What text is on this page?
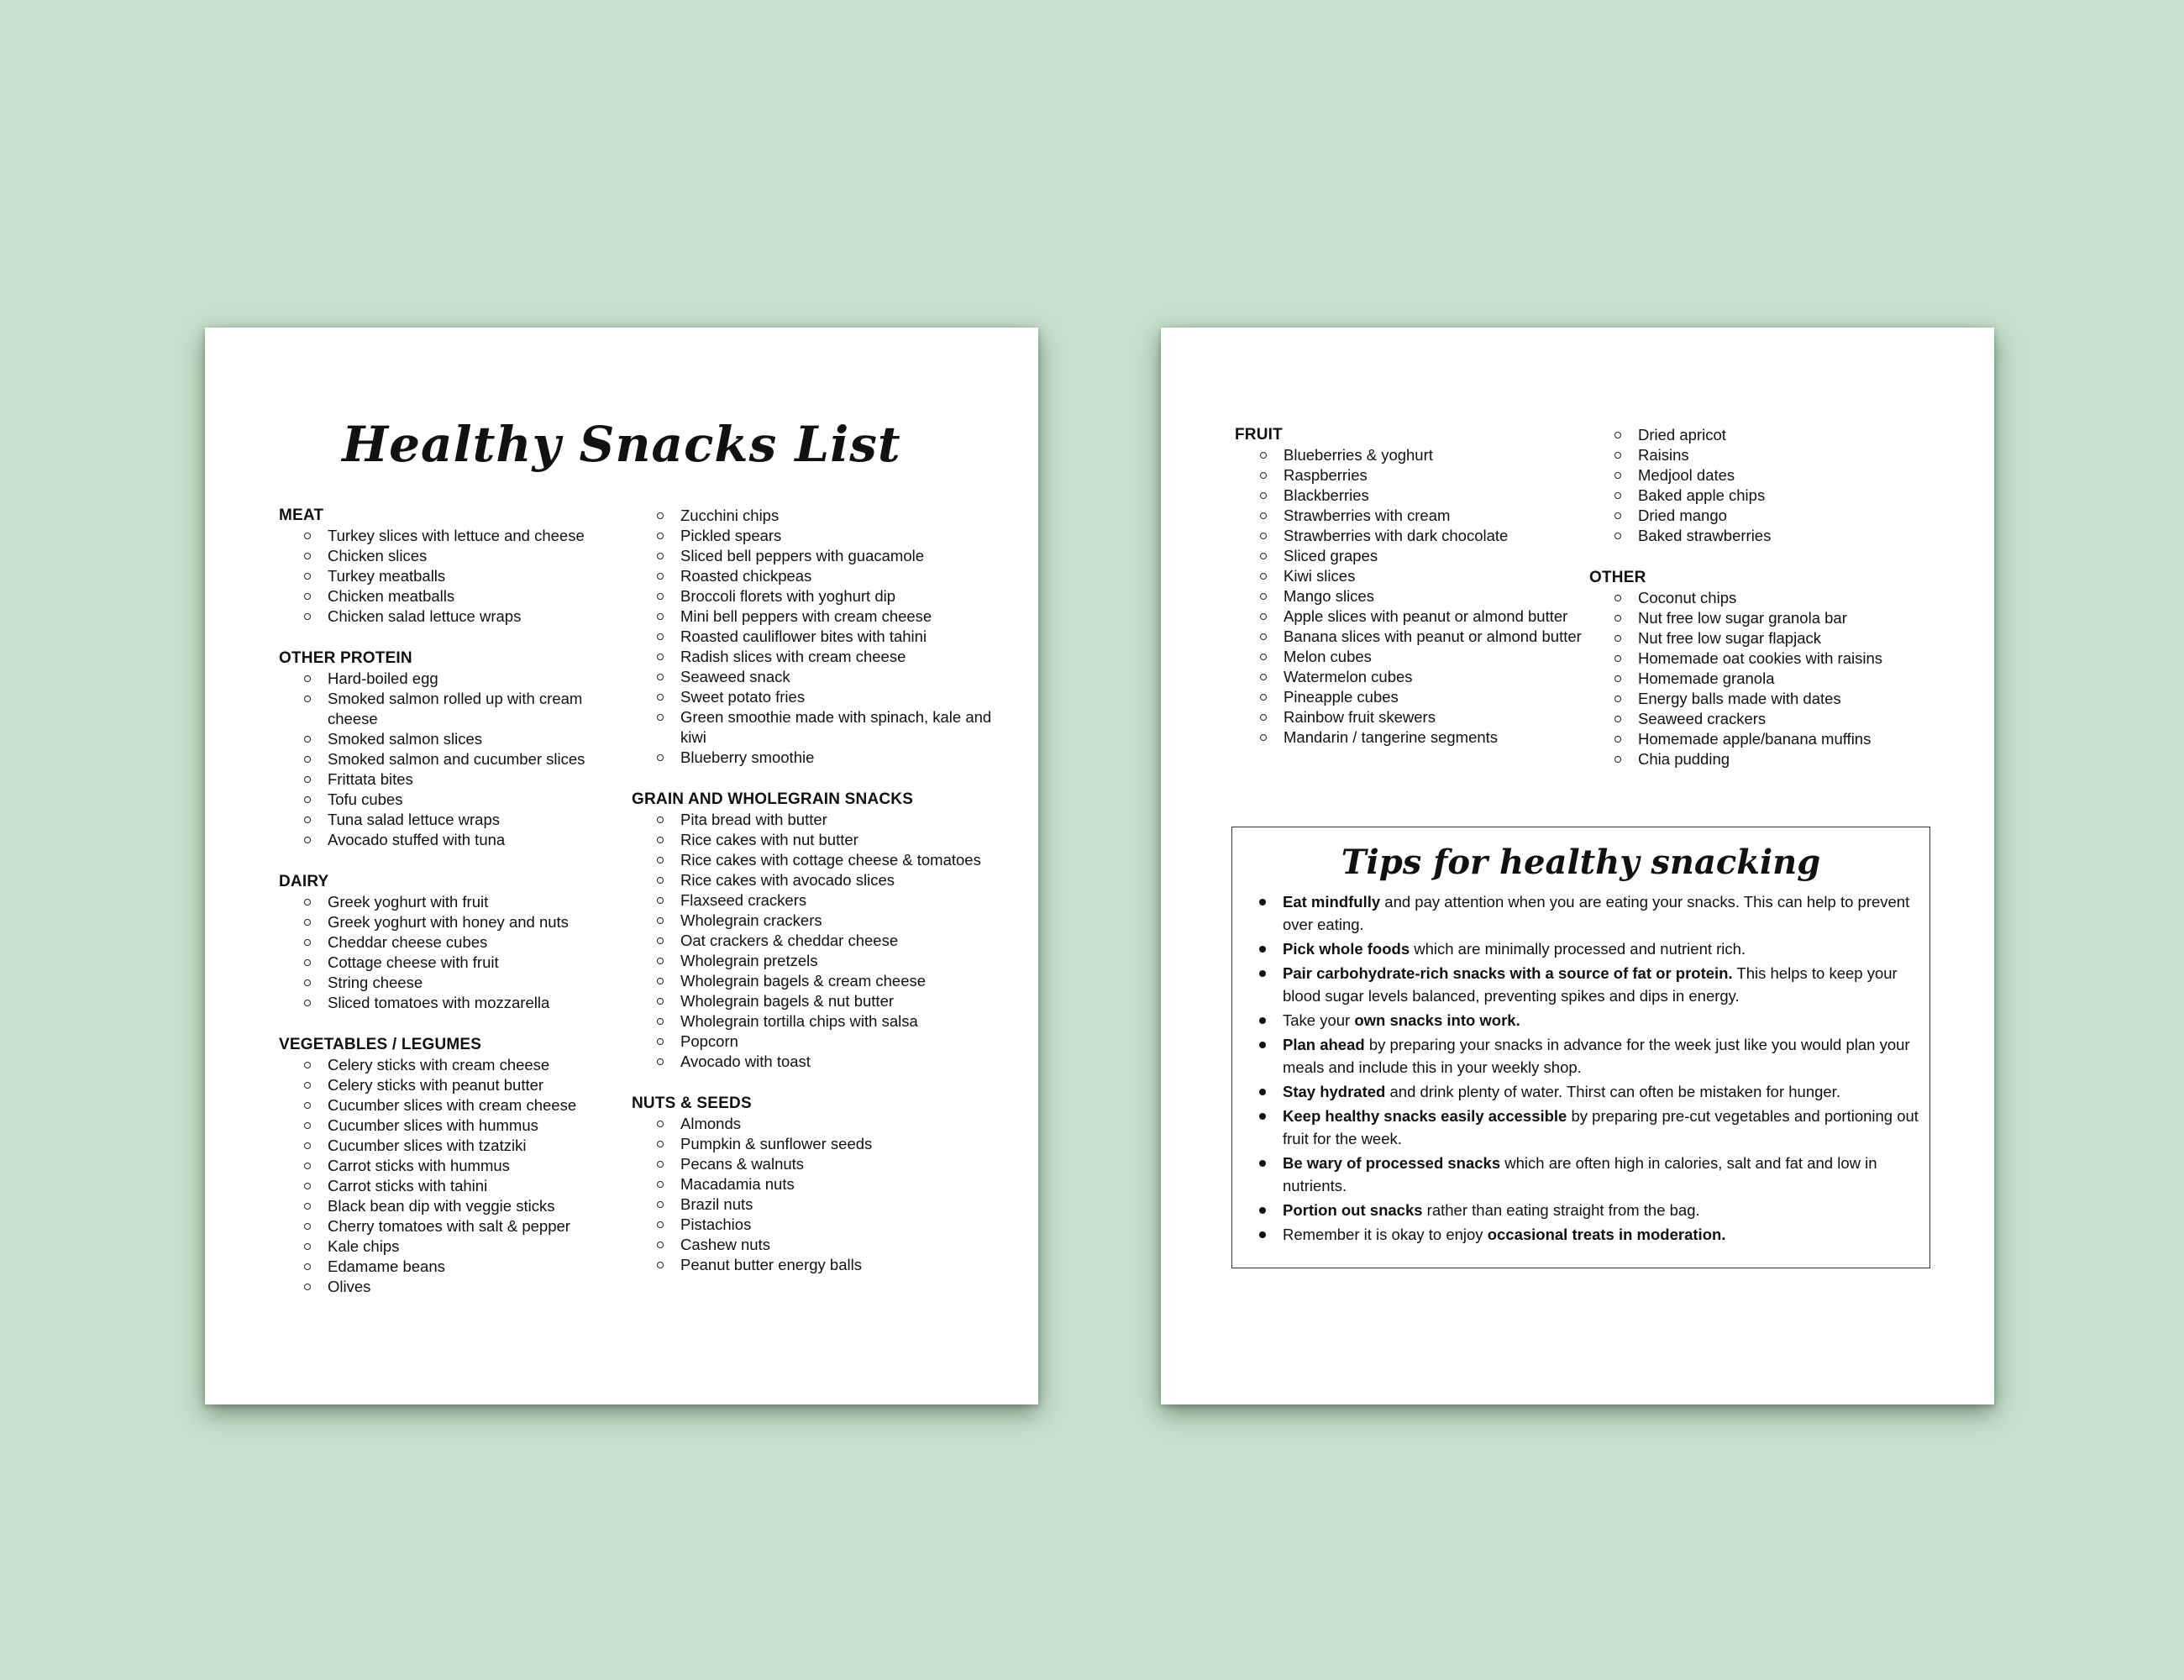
Healthy Snacks List
MEAT
Turkey slices with lettuce and cheese
Chicken slices
Turkey meatballs
Chicken meatballs
Chicken salad lettuce wraps
OTHER PROTEIN
Hard-boiled egg
Smoked salmon rolled up with cream cheese
Smoked salmon slices
Smoked salmon and cucumber slices
Frittata bites
Tofu cubes
Tuna salad lettuce wraps
Avocado stuffed with tuna
DAIRY
Greek yoghurt with fruit
Greek yoghurt with honey and nuts
Cheddar cheese cubes
Cottage cheese with fruit
String cheese
Sliced tomatoes with mozzarella
VEGETABLES / LEGUMES
Celery sticks with cream cheese
Celery sticks with peanut butter
Cucumber slices with cream cheese
Cucumber slices with hummus
Cucumber slices with tzatziki
Carrot sticks with hummus
Carrot sticks with tahini
Black bean dip with veggie sticks
Cherry tomatoes with salt & pepper
Kale chips
Edamame beans
Olives
Zucchini chips
Pickled spears
Sliced bell peppers with guacamole
Roasted chickpeas
Broccoli florets with yoghurt dip
Mini bell peppers with cream cheese
Roasted cauliflower bites with tahini
Radish slices with cream cheese
Seaweed snack
Sweet potato fries
Green smoothie made with spinach, kale and kiwi
Blueberry smoothie
GRAIN AND WHOLEGRAIN SNACKS
Pita bread with butter
Rice cakes with nut butter
Rice cakes with cottage cheese & tomatoes
Rice cakes with avocado slices
Flaxseed crackers
Wholegrain crackers
Oat crackers & cheddar cheese
Wholegrain pretzels
Wholegrain bagels & cream cheese
Wholegrain bagels & nut butter
Wholegrain tortilla chips with salsa
Popcorn
Avocado with toast
NUTS & SEEDS
Almonds
Pumpkin & sunflower seeds
Pecans & walnuts
Macadamia nuts
Brazil nuts
Pistachios
Cashew nuts
Peanut butter energy balls
FRUIT
Blueberries & yoghurt
Raspberries
Blackberries
Strawberries with cream
Strawberries with dark chocolate
Sliced grapes
Kiwi slices
Mango slices
Apple slices with peanut or almond butter
Banana slices with peanut or almond butter
Melon cubes
Watermelon cubes
Pineapple cubes
Rainbow fruit skewers
Mandarin / tangerine segments
Dried apricot
Raisins
Medjool dates
Baked apple chips
Dried mango
Baked strawberries
OTHER
Coconut chips
Nut free low sugar granola bar
Nut free low sugar flapjack
Homemade oat cookies with raisins
Homemade granola
Energy balls made with dates
Seaweed crackers
Homemade apple/banana muffins
Chia pudding
Tips for healthy snacking
Eat mindfully and pay attention when you are eating your snacks. This can help to prevent over eating.
Pick whole foods which are minimally processed and nutrient rich.
Pair carbohydrate-rich snacks with a source of fat or protein. This helps to keep your blood sugar levels balanced, preventing spikes and dips in energy.
Take your own snacks into work.
Plan ahead by preparing your snacks in advance for the week just like you would plan your meals and include this in your weekly shop.
Stay hydrated and drink plenty of water. Thirst can often be mistaken for hunger.
Keep healthy snacks easily accessible by preparing pre-cut vegetables and portioning out fruit for the week.
Be wary of processed snacks which are often high in calories, salt and fat and low in nutrients.
Portion out snacks rather than eating straight from the bag.
Remember it is okay to enjoy occasional treats in moderation.
